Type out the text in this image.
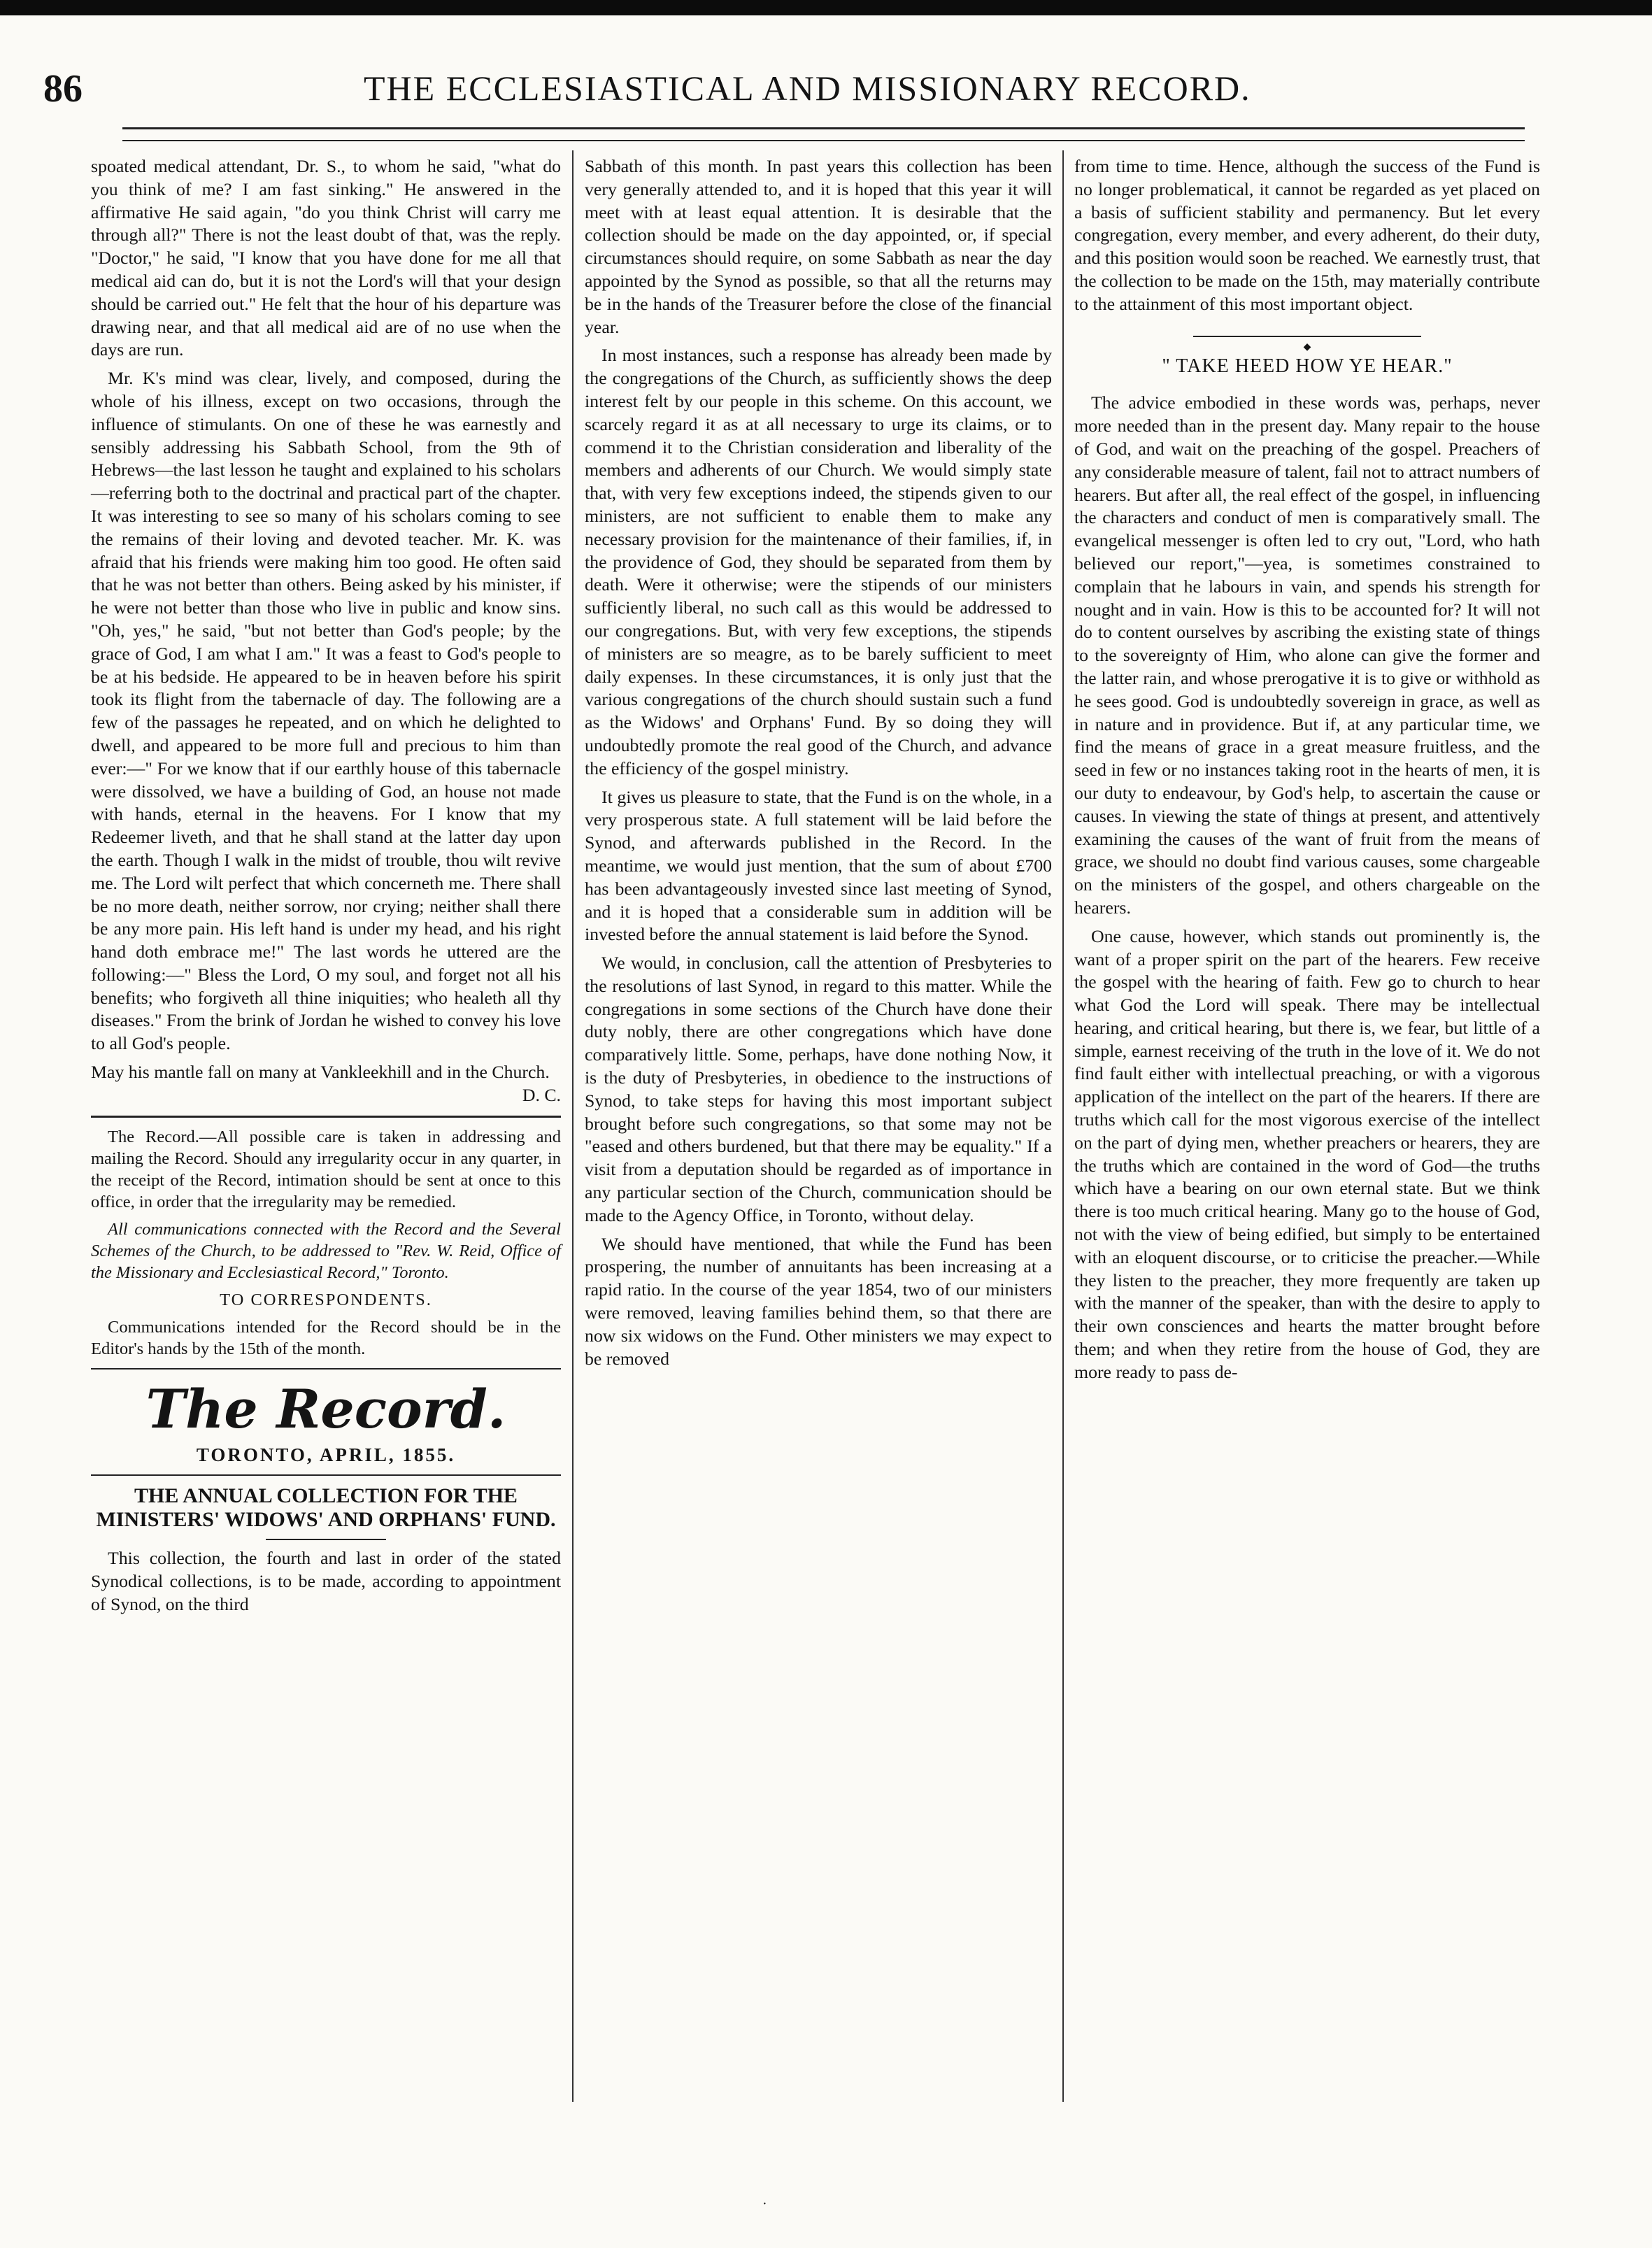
86	THE ECCLESIASTICAL AND MISSIONARY RECORD.

spoated medical attendant, Dr. S., to whom he said, "what do you think of me? I am fast sinking." He answered in the affirmative He said again, "do you think Christ will carry me through all?" There is not the least doubt of that, was the reply. "Doctor," he said, "I know that you have done for me all that medical aid can do, but it is not the Lord's will that your design should be carried out." He felt that the hour of his departure was drawing near, and that all medical aid are of no use when the days are run.

Mr. K's mind was clear, lively, and composed, during the whole of his illness, except on two occasions, through the influence of stimulants. On one of these he was earnestly and sensibly addressing his Sabbath School, from the 9th of Hebrews—the last lesson he taught and explained to his scholars—referring both to the doctrinal and practical part of the chapter. It was interesting to see so many of his scholars coming to see the remains of their loving and devoted teacher. Mr. K. was afraid that his friends were making him too good. He often said that he was not better than others. Being asked by his minister, if he were not better than those who live in public and know sins. "Oh, yes," he said, "but not better than God's people; by the grace of God, I am what I am." It was a feast to God's people to be at his bedside. He appeared to be in heaven before his spirit took its flight from the tabernacle of day. The following are a few of the passages he repeated, and on which he delighted to dwell, and appeared to be more full and precious to him than ever:—" For we know that if our earthly house of this tabernacle were dissolved, we have a building of God, an house not made with hands, eternal in the heavens. For I know that my Redeemer liveth, and that he shall stand at the latter day upon the earth. Though I walk in the midst of trouble, thou wilt revive me. The Lord wilt perfect that which concerneth me. There shall be no more death, neither sorrow, nor crying; neither shall there be any more pain. His left hand is under my head, and his right hand doth embrace me!" The last words he uttered are the following:—" Bless the Lord, O my soul, and forget not all his benefits; who forgiveth all thine iniquities; who healeth all thy diseases." From the brink of Jordan he wished to convey his love to all God's people.

May his mantle fall on many at Vankleekhill and in the Church.
D. C.

The Record.—All possible care is taken in addressing and mailing the Record. Should any irregularity occur in any quarter, in the receipt of the Record, intimation should be sent at once to this office, in order that the irregularity may be remedied.

All communications connected with the Record and the Several Schemes of the Church, to be addressed to "Rev. W. Reid, Office of the Missionary and Ecclesiastical Record," Toronto.

TO CORRESPONDENTS.

Communications intended for the Record should be in the Editor's hands by the 15th of the month.

The Record.

TORONTO, APRIL, 1855.

THE ANNUAL COLLECTION FOR THE MINISTERS' WIDOWS' AND ORPHANS' FUND.

This collection, the fourth and last in order of the stated Synodical collections, is to be made, according to appointment of Synod, on the third

Sabbath of this month. In past years this collection has been very generally attended to, and it is hoped that this year it will meet with at least equal attention. It is desirable that the collection should be made on the day appointed, or, if special circumstances should require, on some Sabbath as near the day appointed by the Synod as possible, so that all the returns may be in the hands of the Treasurer before the close of the financial year.

In most instances, such a response has already been made by the congregations of the Church, as sufficiently shows the deep interest felt by our people in this scheme. On this account, we scarcely regard it as at all necessary to urge its claims, or to commend it to the Christian consideration and liberality of the members and adherents of our Church. We would simply state that, with very few exceptions indeed, the stipends given to our ministers, are not sufficient to enable them to make any necessary provision for the maintenance of their families, if, in the providence of God, they should be separated from them by death. Were it otherwise; were the stipends of our ministers sufficiently liberal, no such call as this would be addressed to our congregations. But, with very few exceptions, the stipends of ministers are so meagre, as to be barely sufficient to meet daily expenses. In these circumstances, it is only just that the various congregations of the church should sustain such a fund as the Widows' and Orphans' Fund. By so doing they will undoubtedly promote the real good of the Church, and advance the efficiency of the gospel ministry.

It gives us pleasure to state, that the Fund is on the whole, in a very prosperous state. A full statement will be laid before the Synod, and afterwards published in the Record. In the meantime, we would just mention, that the sum of about £700 has been advantageously invested since last meeting of Synod, and it is hoped that a considerable sum in addition will be invested before the annual statement is laid before the Synod.

We would, in conclusion, call the attention of Presbyteries to the resolutions of last Synod, in regard to this matter. While the congregations in some sections of the Church have done their duty nobly, there are other congregations which have done comparatively little. Some, perhaps, have done nothing Now, it is the duty of Presbyteries, in obedience to the instructions of Synod, to take steps for having this most important subject brought before such congregations, so that some may not be "eased and others burdened, but that there may be equality." If a visit from a deputation should be regarded as of importance in any particular section of the Church, communication should be made to the Agency Office, in Toronto, without delay.

We should have mentioned, that while the Fund has been prospering, the number of annuitants has been increasing at a rapid ratio. In the course of the year 1854, two of our ministers were removed, leaving families behind them, so that there are now six widows on the Fund. Other ministers we may expect to be removed

from time to time. Hence, although the success of the Fund is no longer problematical, it cannot be regarded as yet placed on a basis of sufficient stability and permanency. But let every congregation, every member, and every adherent, do their duty, and this position would soon be reached. We earnestly trust, that the collection to be made on the 15th, may materially contribute to the attainment of this most important object.

◆

" TAKE HEED HOW YE HEAR."

The advice embodied in these words was, perhaps, never more needed than in the present day. Many repair to the house of God, and wait on the preaching of the gospel. Preachers of any considerable measure of talent, fail not to attract numbers of hearers. But after all, the real effect of the gospel, in influencing the characters and conduct of men is comparatively small. The evangelical messenger is often led to cry out, "Lord, who hath believed our report,"—yea, is sometimes constrained to complain that he labours in vain, and spends his strength for nought and in vain. How is this to be accounted for? It will not do to content ourselves by ascribing the existing state of things to the sovereignty of Him, who alone can give the former and the latter rain, and whose prerogative it is to give or withhold as he sees good. God is undoubtedly sovereign in grace, as well as in nature and in providence. But if, at any particular time, we find the means of grace in a great measure fruitless, and the seed in few or no instances taking root in the hearts of men, it is our duty to endeavour, by God's help, to ascertain the cause or causes. In viewing the state of things at present, and attentively examining the causes of the want of fruit from the means of grace, we should no doubt find various causes, some chargeable on the ministers of the gospel, and others chargeable on the hearers.

One cause, however, which stands out prominently is, the want of a proper spirit on the part of the hearers. Few receive the gospel with the hearing of faith. Few go to church to hear what God the Lord will speak. There may be intellectual hearing, and critical hearing, but there is, we fear, but little of a simple, earnest receiving of the truth in the love of it. We do not find fault either with intellectual preaching, or with a vigorous application of the intellect on the part of the hearers. If there are truths which call for the most vigorous exercise of the intellect on the part of dying men, whether preachers or hearers, they are the truths which are contained in the word of God—the truths which have a bearing on our own eternal state. But we think there is too much critical hearing. Many go to the house of God, not with the view of being edified, but simply to be entertained with an eloquent discourse, or to criticise the preacher.—While they listen to the preacher, they more frequently are taken up with the manner of the speaker, than with the desire to apply to their own consciences and hearts the matter brought before them; and when they retire from the house of God, they are more ready to pass de-

·
